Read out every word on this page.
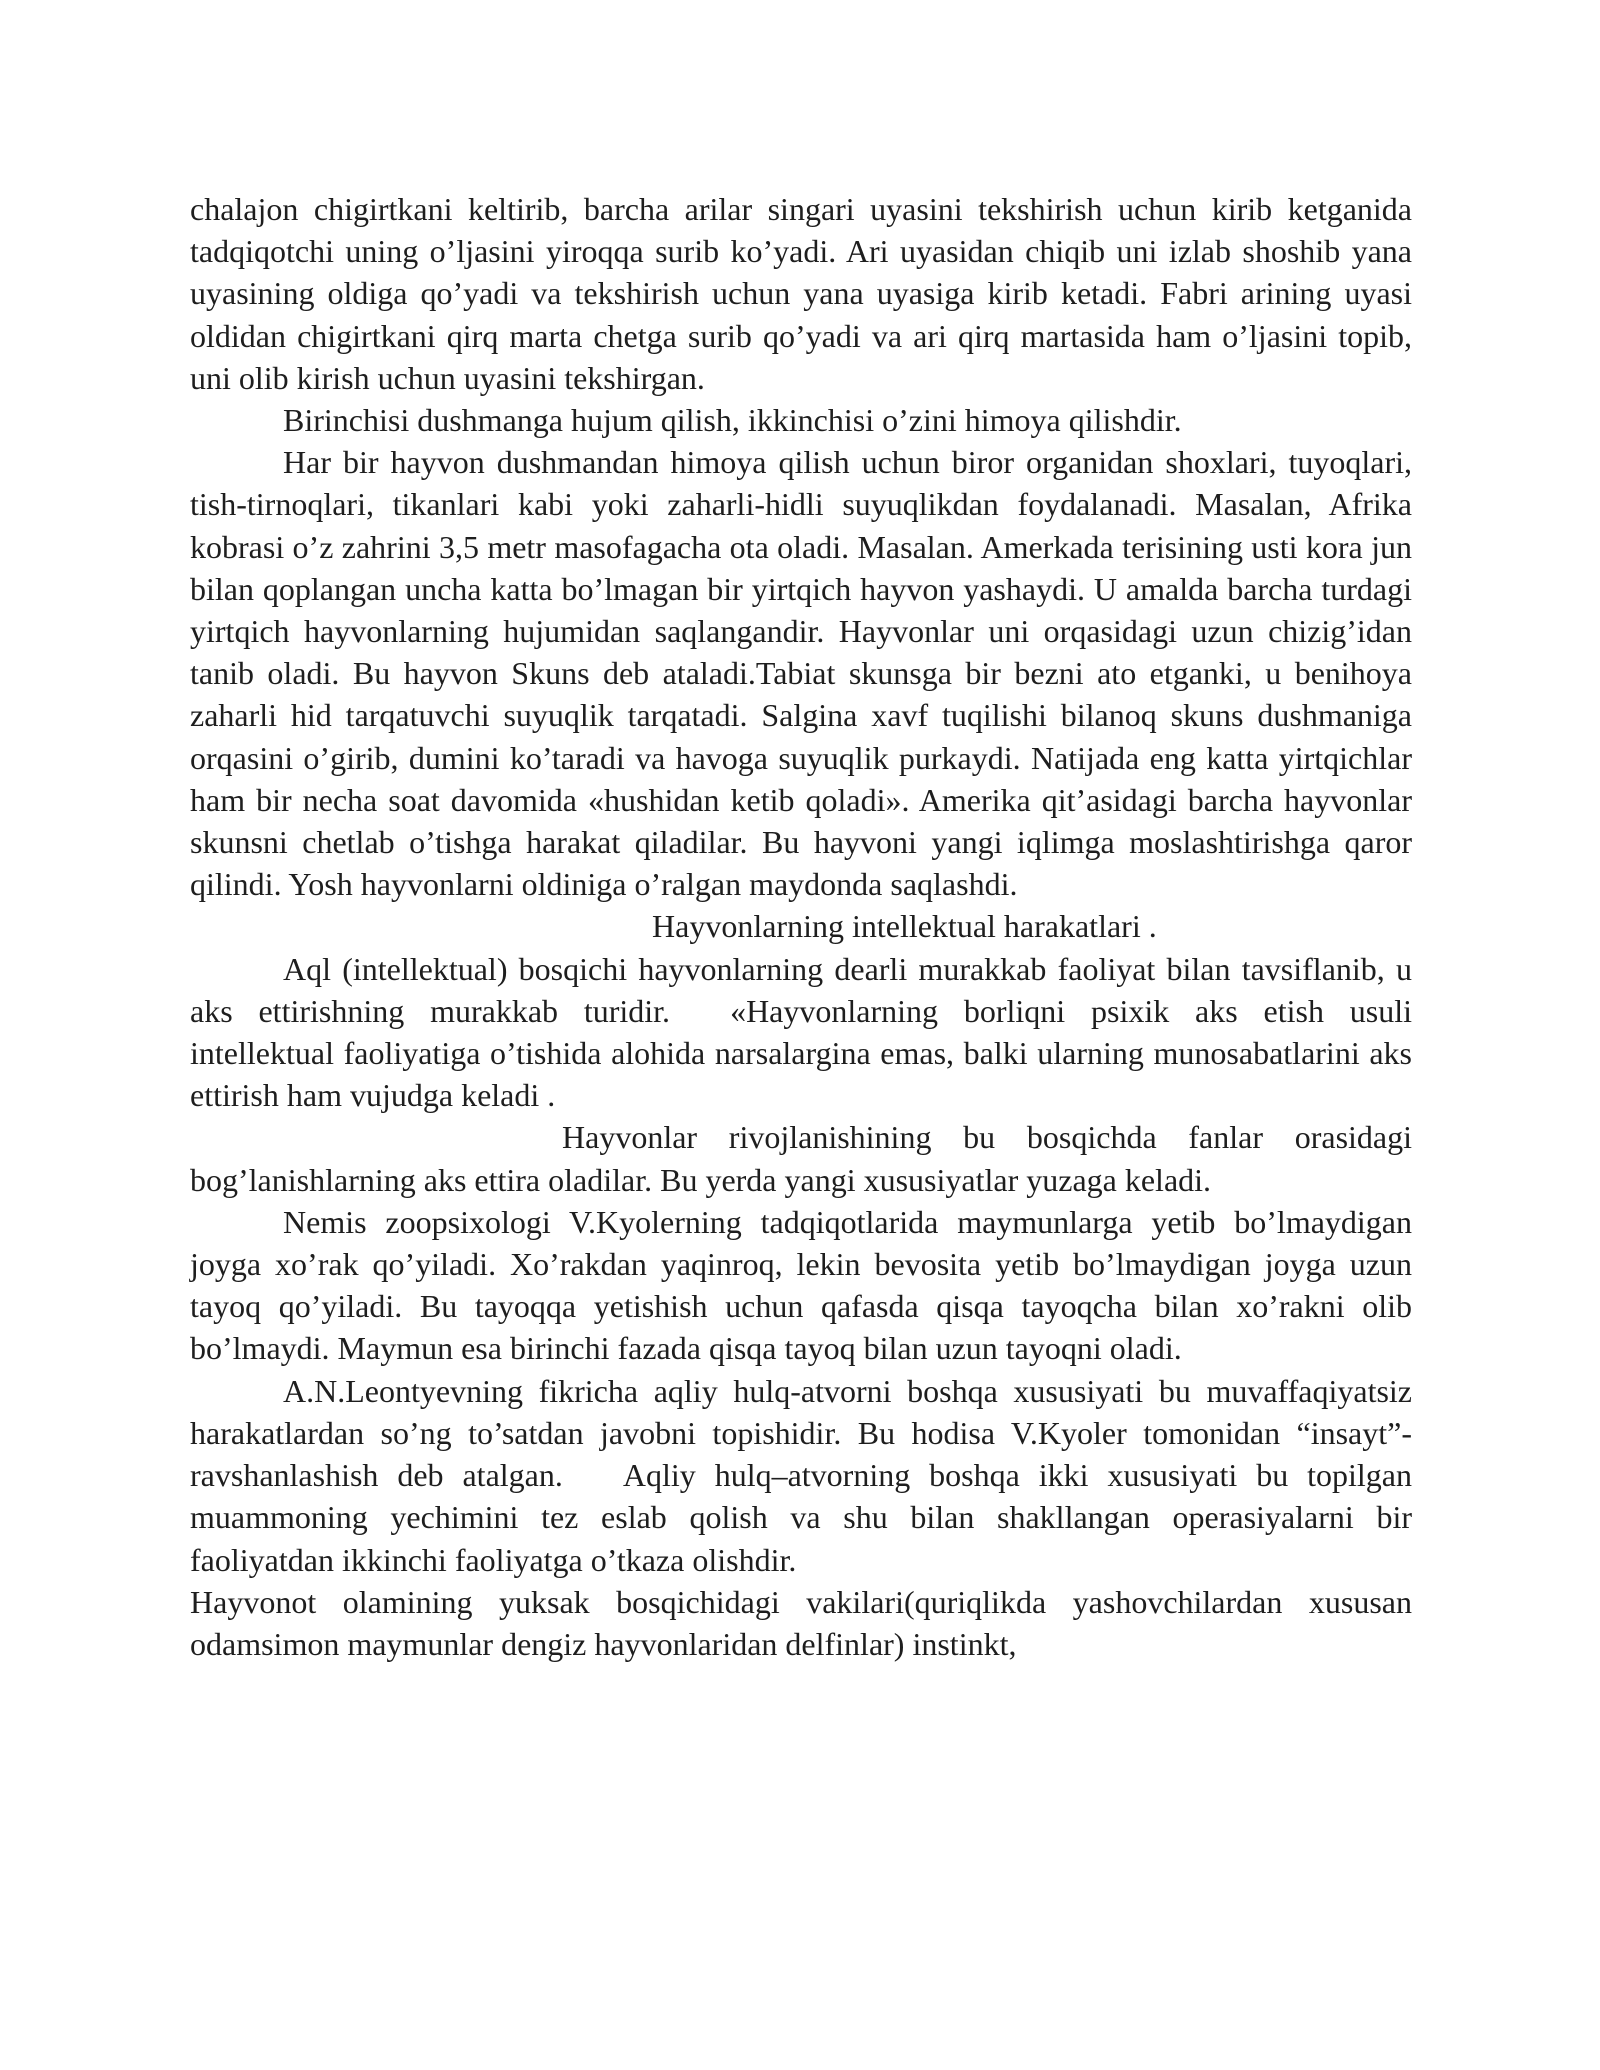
chalajon chigirtkani keltirib, barcha arilar singari uyasini tekshirish uchun kirib ketganida tadqiqotchi uning o’ljasini yiroqqa surib ko’yadi. Ari uyasidan chiqib uni izlab shoshib yana uyasining oldiga qo’yadi va tekshirish uchun yana uyasiga kirib ketadi. Fabri arining uyasi oldidan chigirtkani qirq marta chetga surib qo’yadi va ari qirq martasida ham o’ljasini topib, uni olib kirish uchun uyasini tekshirgan.

Birinchisi dushmanga hujum qilish, ikkinchisi o’zini himoya qilishdir.

Har bir hayvon dushmandan himoya qilish uchun biror organidan shoxlari, tuyoqlari, tish-tirnoqlari, tikanlari kabi yoki zaharli-hidli suyuqlikdan foydalanadi. Masalan, Afrika kobrasi o’z zahrini 3,5 metr masofagacha ota oladi. Masalan. Amerkada terisining usti kora jun bilan qoplangan uncha katta bo’lmagan bir yirtqich hayvon yashaydi. U amalda barcha turdagi yirtqich hayvonlarning hujumidan saqlangandir. Hayvonlar uni orqasidagi uzun chizig’idan tanib oladi. Bu hayvon Skuns deb ataladi.Tabiat skunsga bir bezni ato etganki, u benihoya zaharli hid tarqatuvchi suyuqlik tarqatadi. Salgina xavf tuqilishi bilanoq skuns dushmaniga orqasini o’girib, dumini ko’taradi va havoga suyuqlik purkaydi. Natijada eng katta yirtqichlar ham bir necha soat davomida «hushidan ketib qoladi». Amerika qit’asidagi barcha hayvonlar skunsni chetlab o’tishga harakat qiladilar. Bu hayvoni yangi iqlimga moslashtirishga qaror qilindi. Yosh hayvonlarni oldiniga o’ralgan maydonda saqlashdi.

Hayvonlarning intellektual harakatlari .

Aql (intellektual) bosqichi hayvonlarning dearli murakkab faoliyat bilan tavsiflanib, u aks ettirishning murakkab turidir. «Hayvonlarning borliqni psixik aks etish usuli intellektual faoliyatiga o’tishida alohida narsalargina emas, balki ularning munosabatlarini aks ettirish ham vujudga keladi .

Hayvonlar rivojlanishining bu bosqichda fanlar orasidagi bog’lanishlarning aks ettira oladilar. Bu yerda yangi xususiyatlar yuzaga keladi.

Nemis zoopsixologi V.Kyolerning tadqiqotlarida maymunlarga yetib bo’lmaydigan joyga xo’rak qo’yiladi. Xo’rakdan yaqinroq, lekin bevosita yetib bo’lmaydigan joyga uzun tayoq qo’yiladi. Bu tayoqqa yetishish uchun qafasda qisqa tayoqcha bilan xo’rakni olib bo’lmaydi. Maymun esa birinchi fazada qisqa tayoq bilan uzun tayoqni oladi.

A.N.Leontyevning fikricha aqliy hulq-atvorni boshqa xususiyati bu muvaffaqiyatsiz harakatlardan so’ng to’satdan javobni topishidir. Bu hodisa V.Kyoler tomonidan “insayt”-ravshanlashish deb atalgan. Aqliy hulq–atvorning boshqa ikki xususiyati bu topilgan muammoning yechimini tez eslab qolish va shu bilan shakllangan operasiyalarni bir faoliyatdan ikkinchi faoliyatga o’tkaza olishdir.

Hayvonot olamining yuksak bosqichidagi vakilari(quriqlikda yashovchilardan xususan odamsimon maymunlar dengiz hayvonlaridan delfinlar) instinkt,
